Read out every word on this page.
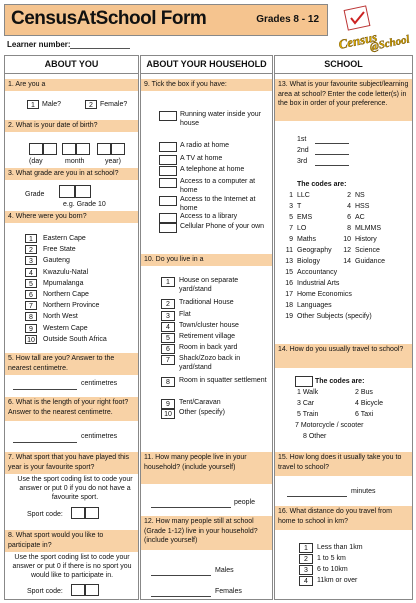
CensusAtSchool Form	Grades 8 - 12
Census
@School
Learner number:
ABOUT YOU
1. Are you a
1	Male?	2	Female?
2. What is your date of birth?
(day	month	year)
3. What grade are you in at school?
Grade
e.g. Grade 10
4. Where were you born?
1	Eastern Cape
2	Free State
3	Gauteng
4	Kwazulu-Natal
5	Mpumalanga
6	Northern Cape
7	Northern Province
8	North West
9	Western Cape
10	Outside South Africa
5. How tall are you? Answer to the nearest centimetre.
centimetres
6. What is the length of your right foot? Answer to the nearest centimetre.
centimetres
7. What sport that you have played this year is your favourite sport?
Use the sport coding list to code your answer or put 0 if you do not have a favourite sport.
Sport code:
8. What sport would you like to participate in?
Use the sport coding list to code your answer or put 0 if there is no sport you would like to participate in.
Sport code:
ABOUT YOUR HOUSEHOLD
9. Tick the box if you have:
Running water inside your house
A radio at home
A TV at home
A telephone at home
Access to a computer at home
Access to the Internet at home
Access to a library
Cellular Phone of your own
10. Do you live in a
1	House on separate yard/stand
2	Traditional House
3	Flat
4	Town/cluster house
5	Retirement village
6	Room in back yard
7	Shack/Zozo back in yard/stand
8	Room in squatter settlement
9	Tent/Caravan
10	Other (specify)
11. How many people live in your household? (include yourself)
people
12. How many people still at school (Grade 1-12) live in your household? (include yourself)
Males
Females
SCHOOL
13. What is your favourite subject/learning area at school? Enter the code letter(s) in the box in order of your preference.
1st
2nd
3rd
The codes are:
1 LLC	2 NS
3 T	4 HSS
5 EMS	6 AC
7 LO	8 MLMMS
9 Maths	10 History
11 Geography	12 Science
13 Biology	14 Guidance
15 Accountancy
16 Industrial Arts
17 Home Economics
18 Languages
19 Other Subjects (specify)
14. How do you usually travel to school?
The codes are:
1 Walk	2 Bus
3 Car	4 Bicycle
5 Train	6 Taxi
7 Motorcycle / scooter
8 Other
15. How long does it usually take you to travel to school?
minutes
16. What distance do you travel from home to school in km?
1	Less than 1km
2	1 to 5 km
3	6 to 10km
4	11km or over
